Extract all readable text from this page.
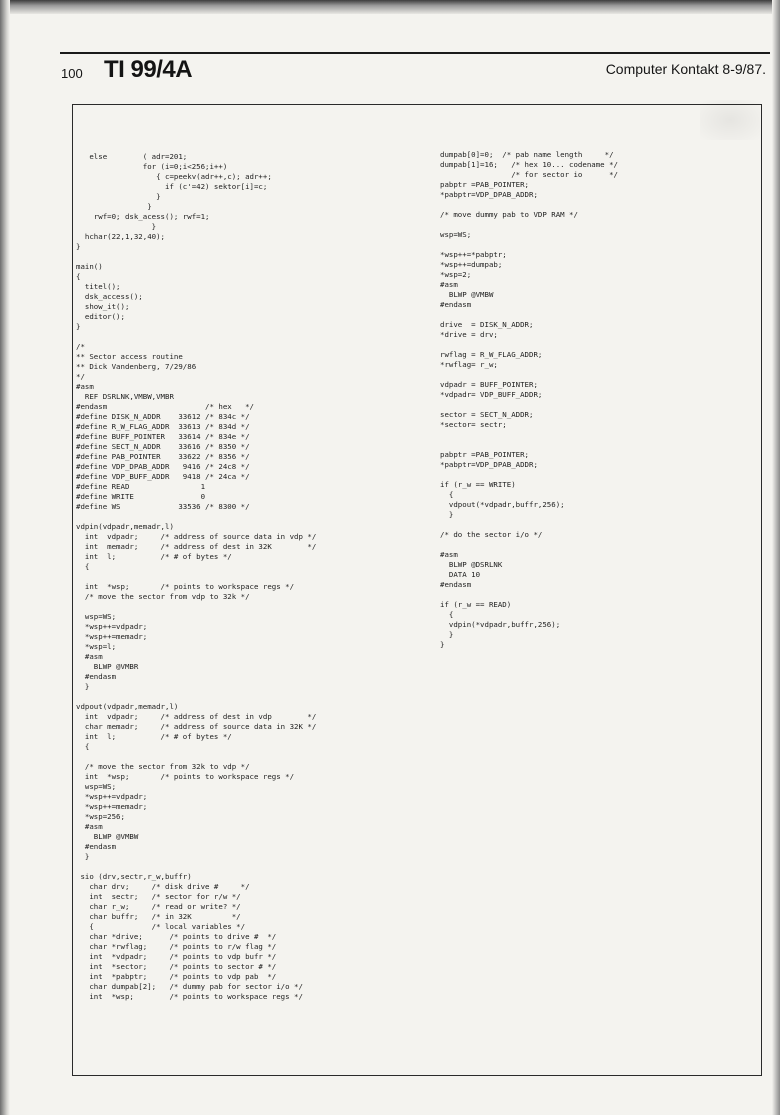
100 TI 99/4A	Computer Kontakt 8-9/87.
else        ( adr=201;
for (i=0;i<256;i++)
{ c=peekv(adr++,c); adr++;
if (c'=42) sektor[i]=c;
}
}
rwf=0; dsk_acess(); rwf=1;
}
hchar(22,1,32,40);
}

main()
{
titel();
dsk_access();
show_it();
editor();
}

/*
** Sector access routine
** Dick Vandenberg, 7/29/86
*/
#asm
REF DSRLNK,VMBW,VMBR
#endasm                      /* hex   */
#define DISK_N_ADDR    33612 /* 834c */
#define R_W_FLAG_ADDR  33613 /* 834d */
#define BUFF_POINTER   33614 /* 834e */
#define SECT_N_ADDR    33616 /* 8350 */
#define PAB_POINTER    33622 /* 8356 */
#define VDP_DPAB_ADDR   9416 /* 24c8 */
#define VDP_BUFF_ADDR   9418 /* 24ca */
#define READ                1
#define WRITE               0
#define WS             33536 /* 8300 */

vdpin(vdpadr,memadr,l)
int  vdpadr;     /* address of source data in vdp */
int  memadr;     /* address of dest in 32K        */
int  l;          /* # of bytes */
{

int  *wsp;       /* points to workspace regs */
/* move the sector from vdp to 32k */

wsp=WS;
*wsp++=vdpadr;
*wsp++=memadr;
*wsp=l;
#asm
BLWP @VMBR
#endasm
}

vdpout(vdpadr,memadr,l)
int  vdpadr;     /* address of dest in vdp        */
char memadr;     /* address of source data in 32K */
int  l;          /* # of bytes */
{

/* move the sector from 32k to vdp */
int  *wsp;       /* points to workspace regs */
wsp=WS;
*wsp++=vdpadr;
*wsp++=memadr;
*wsp=256;
#asm
BLWP @VMBW
#endasm
}

sio (drv,sectr,r_w,buffr)
char drv;     /* disk drive #     */
int  sectr;   /* sector for r/w */
char r_w;     /* read or write? */
char buffr;   /* in 32K         */
{             /* local variables */
char *drive;      /* points to drive #  */
char *rwflag;     /* points to r/w flag */
int  *vdpadr;     /* points to vdp bufr */
int  *sector;     /* points to sector # */
int  *pabptr;     /* points to vdp pab  */
char dumpab[2];   /* dummy pab for sector i/o */
int  *wsp;        /* points to workspace regs */
dumpab[0]=0;  /* pab name length     */
dumpab[1]=16;   /* hex 10... codename */
/* for sector io      */
pabptr =PAB_POINTER;
*pabptr=VDP_DPAB_ADDR;

/* move dummy pab to VDP RAM */

wsp=WS;

*wsp++=*pabptr;
*wsp++=dumpab;
*wsp=2;
#asm
BLWP @VMBW
#endasm

drive  = DISK_N_ADDR;
*drive = drv;

rwflag = R_W_FLAG_ADDR;
*rwflag= r_w;

vdpadr = BUFF_POINTER;
*vdpadr= VDP_BUFF_ADDR;

sector = SECT_N_ADDR;
*sector= sectr;

pabptr =PAB_POINTER;
*pabptr=VDP_DPAB_ADDR;

if (r_w == WRITE)
{
vdpout(*vdpadr,buffr,256);
}

/* do the sector i/o */

#asm
BLWP @DSRLNK
DATA 10
#endasm

if (r_w == READ)
{
vdpin(*vdpadr,buffr,256);
}
}
